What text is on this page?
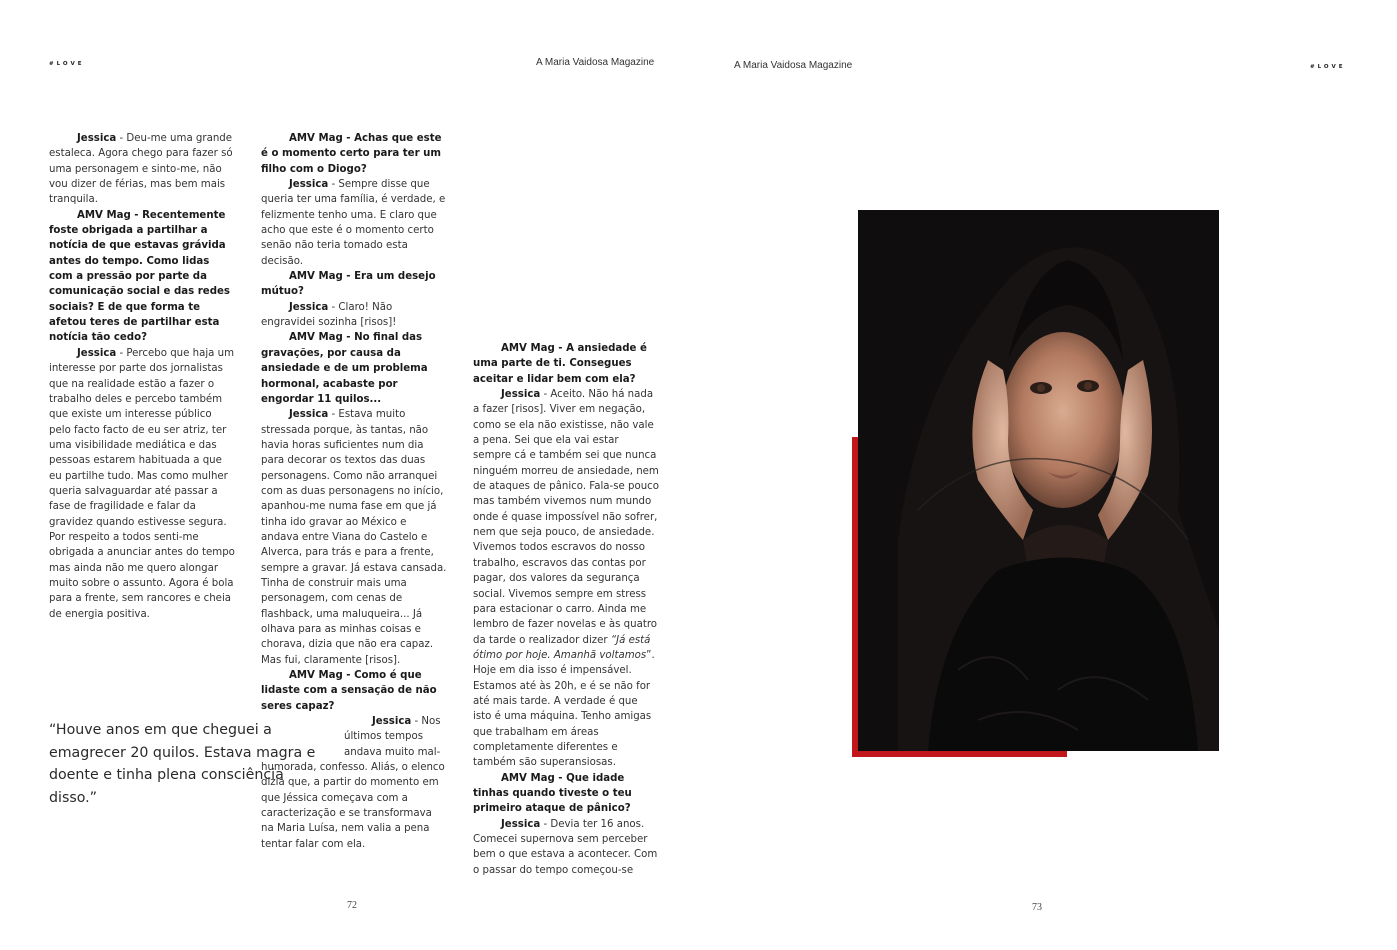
#LOVE	A Maria Vaidosa Magazine	A Maria Vaidosa Magazine	#LOVE

Jessica - Deu-me uma grande estaleca. Agora chego para fazer só uma personagem e sinto-me, não vou dizer de férias, mas bem mais tranquila.

AMV Mag - Recentemente foste obrigada a partilhar a notícia de que estavas grávida antes do tempo. Como lidas com a pressão por parte da comunicação social e das redes sociais? E de que forma te afetou teres de partilhar esta notícia tão cedo?

Jessica - Percebo que haja um interesse por parte dos jornalistas que na realidade estão a fazer o trabalho deles e percebo também que existe um interesse público pelo facto facto de eu ser atriz, ter uma visibilidade mediática e das pessoas estarem habituada a que eu partilhe tudo. Mas como mulher queria salvaguardar até passar a fase de fragilidade e falar da gravidez quando estivesse segura. Por respeito a todos senti-me obrigada a anunciar antes do tempo mas ainda não me quero alongar muito sobre o assunto. Agora é bola para a frente, sem rancores e cheia de energia positiva.

“Houve anos em que cheguei a emagrecer 20 quilos. Estava magra e doente e tinha plena consciência disso.”

AMV Mag - Achas que este é o momento certo para ter um filho com o Diogo?

Jessica - Sempre disse que queria ter uma família, é verdade, e felizmente tenho uma. E claro que acho que este é o momento certo senão não teria tomado esta decisão.

AMV Mag - Era um desejo mútuo?

Jessica - Claro! Não engravidei sozinha [risos]!

AMV Mag - No final das gravações, por causa da ansiedade e de um problema hormonal, acabaste por engordar 11 quilos...

Jessica - Estava muito stressada porque, às tantas, não havia horas suficientes num dia para decorar os textos das duas personagens. Como não arranquei com as duas personagens no início, apanhou-me numa fase em que já tinha ido gravar ao México e andava entre Viana do Castelo e Alverca, para trás e para a frente, sempre a gravar. Já estava cansada. Tinha de construir mais uma personagem, com cenas de flashback, uma maluqueira... Já olhava para as minhas coisas e chorava, dizia que não era capaz. Mas fui, claramente [risos].

AMV Mag - Como é que lidaste com a sensação de não seres capaz?

Jessica - Nos últimos tempos andava muito mal-humorada, confesso. Aliás, o elenco dizia que, a partir do momento em que Jéssica começava com a caracterização e se transformava na Maria Luísa, nem valia a pena tentar falar com ela.

AMV Mag - A ansiedade é uma parte de ti. Consegues aceitar e lidar bem com ela?

Jessica - Aceito. Não há nada a fazer [risos]. Viver em negação, como se ela não existisse, não vale a pena. Sei que ela vai estar sempre cá e também sei que nunca ninguém morreu de ansiedade, nem de ataques de pânico. Fala-se pouco mas também vivemos num mundo onde é quase impossível não sofrer, nem que seja pouco, de ansiedade. Vivemos todos escravos do nosso trabalho, escravos das contas por pagar, dos valores da segurança social. Vivemos sempre em stress para estacionar o carro. Ainda me lembro de fazer novelas e às quatro da tarde o realizador dizer “Já está ótimo por hoje. Amanhã voltamos”. Hoje em dia isso é impensável. Estamos até às 20h, e é se não for até mais tarde. A verdade é que isto é uma máquina. Tenho amigas que trabalham em áreas completamente diferentes e também são superansiosas.

AMV Mag - Que idade tinhas quando tiveste o teu primeiro ataque de pânico?

Jessica - Devia ter 16 anos. Comecei supernova sem perceber bem o que estava a acontecer. Com o passar do tempo começou-se

72	73
